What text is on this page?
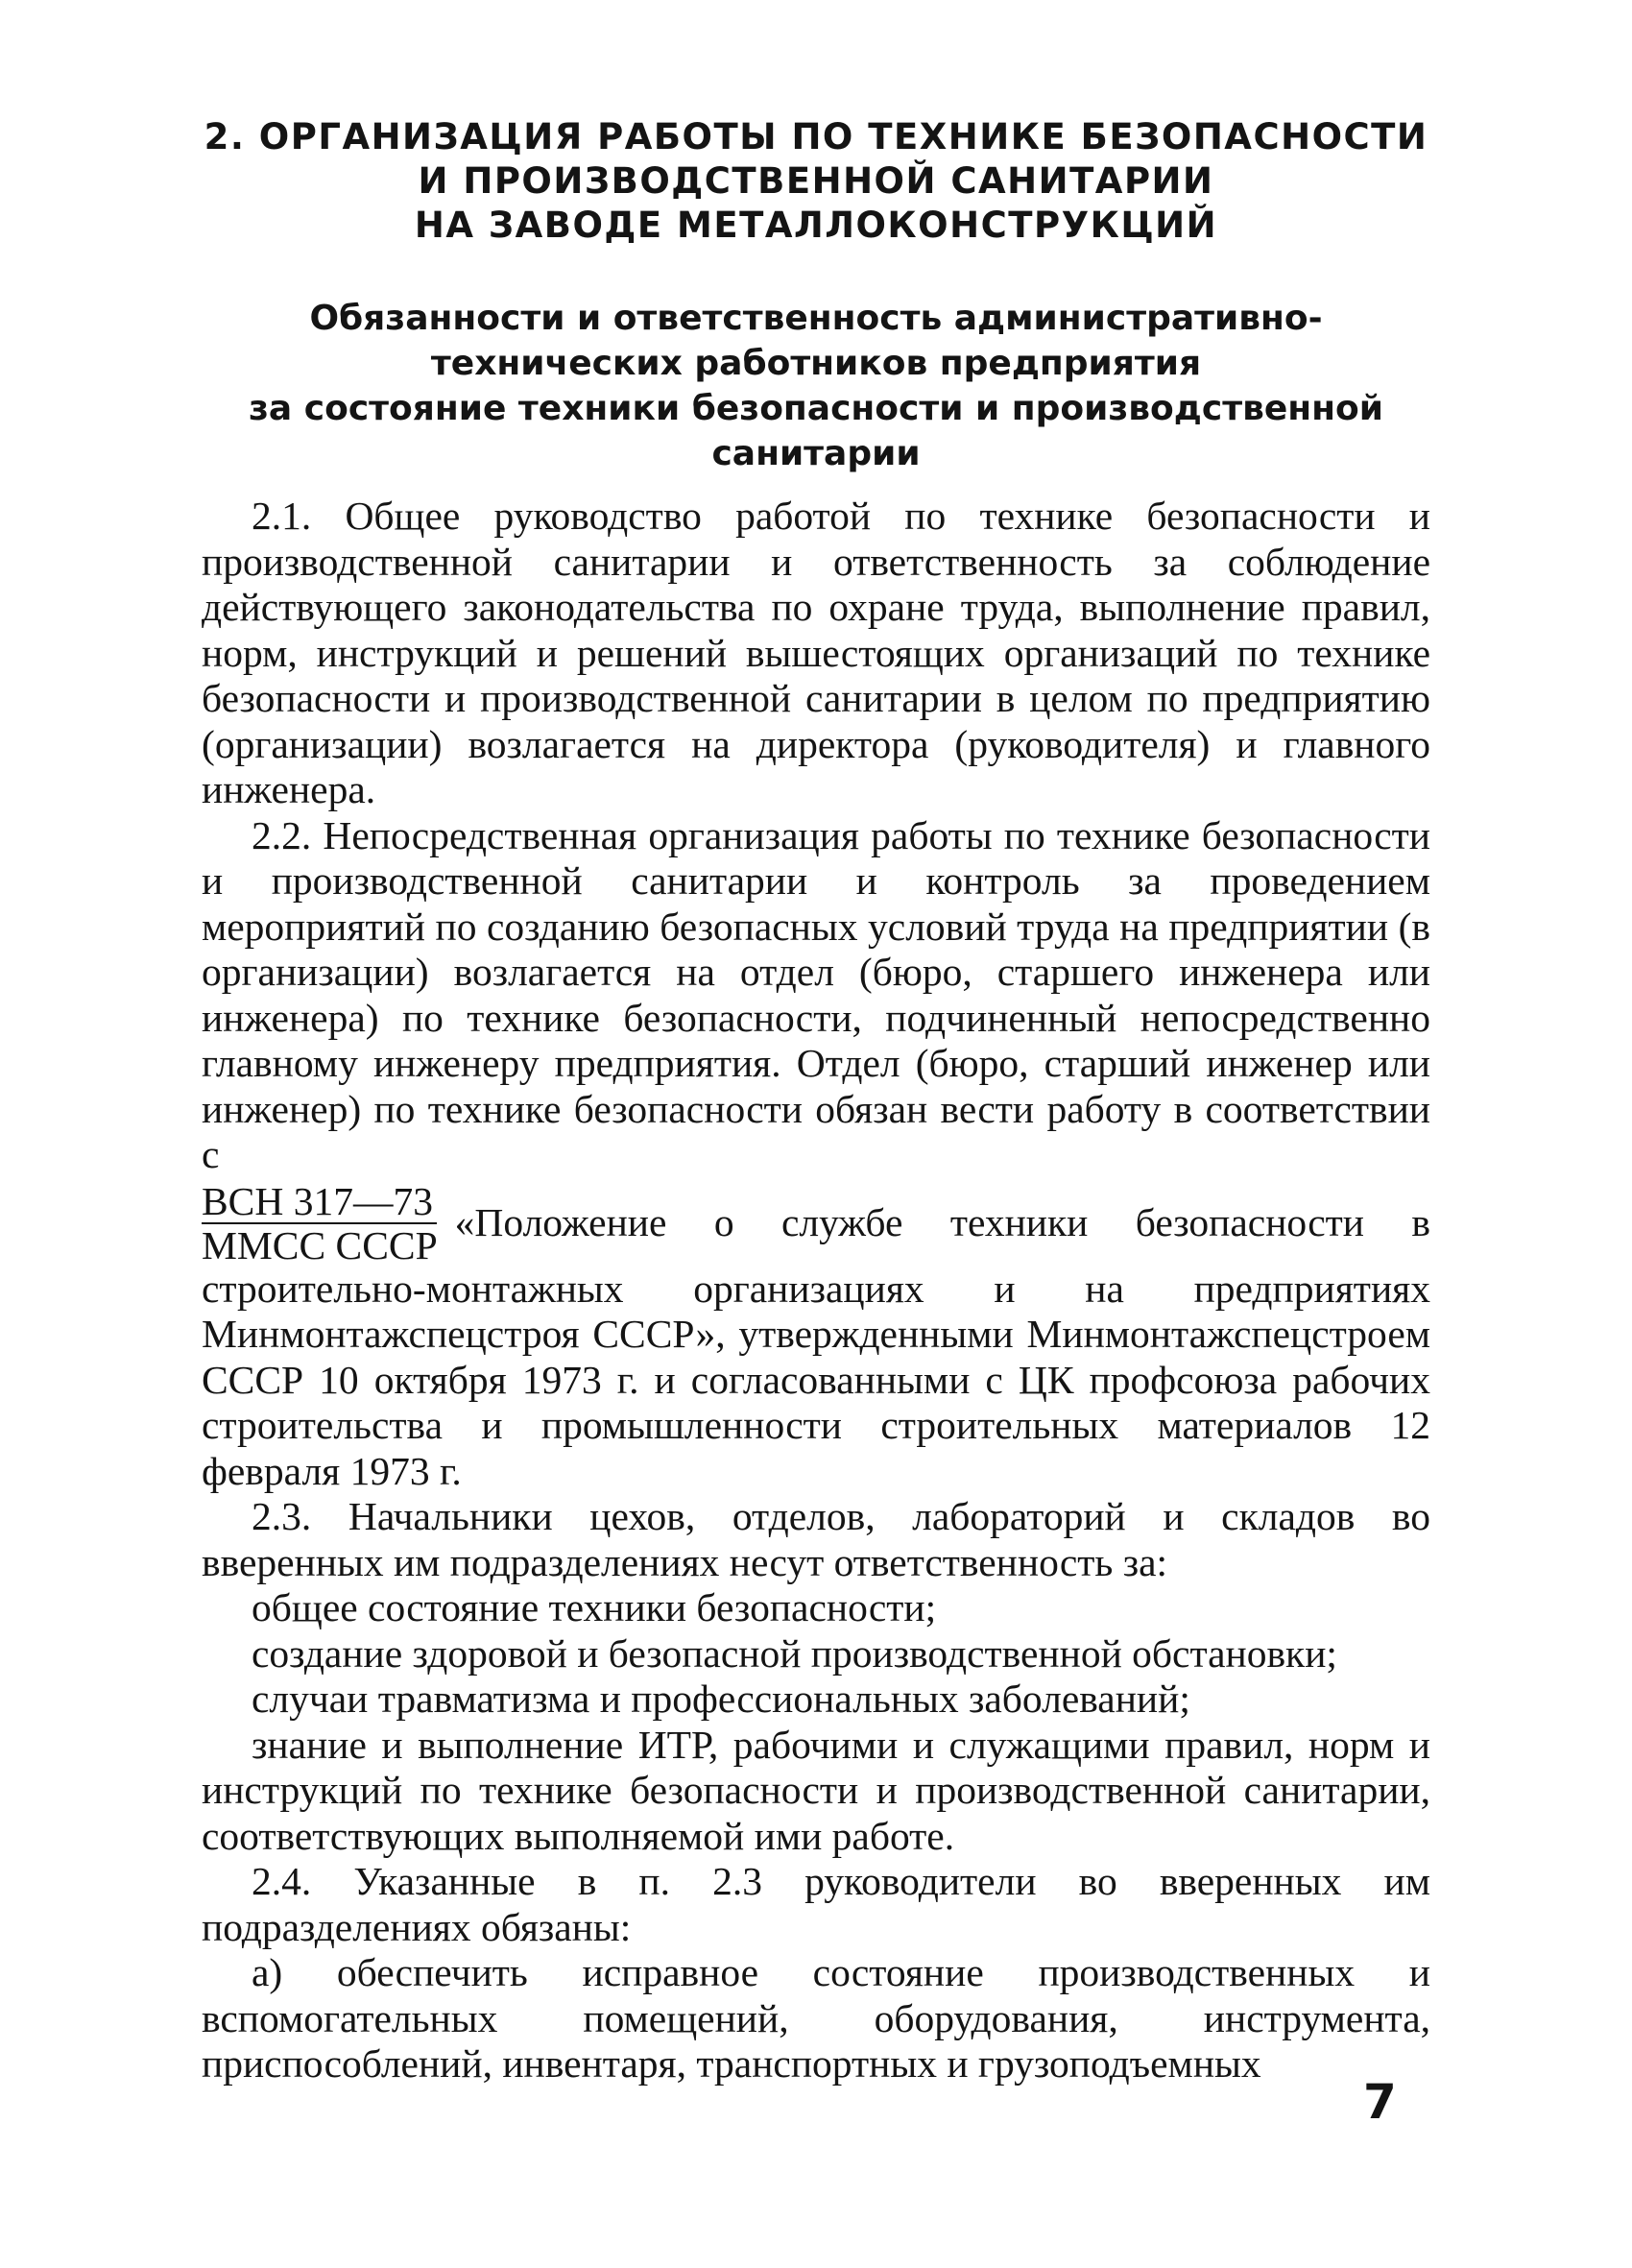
2. ОРГАНИЗАЦИЯ РАБОТЫ ПО ТЕХНИКЕ БЕЗОПАСНОСТИ
И ПРОИЗВОДСТВЕННОЙ САНИТАРИИ
НА ЗАВОДЕ МЕТАЛЛОКОНСТРУКЦИЙ
Обязанности и ответственность административно-
технических работников предприятия
за состояние техники безопасности и производственной
санитарии

2.1. Общее руководство работой по технике безопасности и производственной санитарии и ответственность за соблюдение действующего законодательства по охране труда, выполнение правил, норм, инструкций и решений вышестоящих организаций по технике безопасности и производственной санитарии в целом по предприятию (организации) возлагается на директора (руководителя) и главного инженера.

2.2. Непосредственная организация работы по технике безопасности и производственной санитарии и контроль за проведением мероприятий по созданию безопасных условий труда на предприятии (в организации) возлагается на отдел (бюро, старшего инженера или инженера) по технике безопасности, подчиненный непосредственно главному инженеру предприятия. Отдел (бюро, старший инженер или инженер) по технике безопасности обязан вести работу в соответствии с

$\frac{\text{ВСН 317—73}}{\text{ММСС СССР}}$ «Положение о службе техники безопасности в

строительно-монтажных организациях и на предприятиях Минмонтажспецстроя СССР», утвержденными Минмонтажспецстроем СССР 10 октября 1973 г. и согласованными с ЦК профсоюза рабочих строительства и промышленности строительных материалов 12 февраля 1973 г.

2.3. Начальники цехов, отделов, лабораторий и складов во вверенных им подразделениях несут ответственность за:

общее состояние техники безопасности;

создание здоровой и безопасной производственной обстановки;

случаи травматизма и профессиональных заболеваний;

знание и выполнение ИТР, рабочими и служащими правил, норм и инструкций по технике безопасности и производственной санитарии, соответствующих выполняемой ими работе.

2.4. Указанные в п. 2.3 руководители во вверенных им подразделениях обязаны:

а) обеспечить исправное состояние производственных и вспомогательных помещений, оборудования, инструмента, приспособлений, инвентаря, транспортных и грузоподъемных

7
